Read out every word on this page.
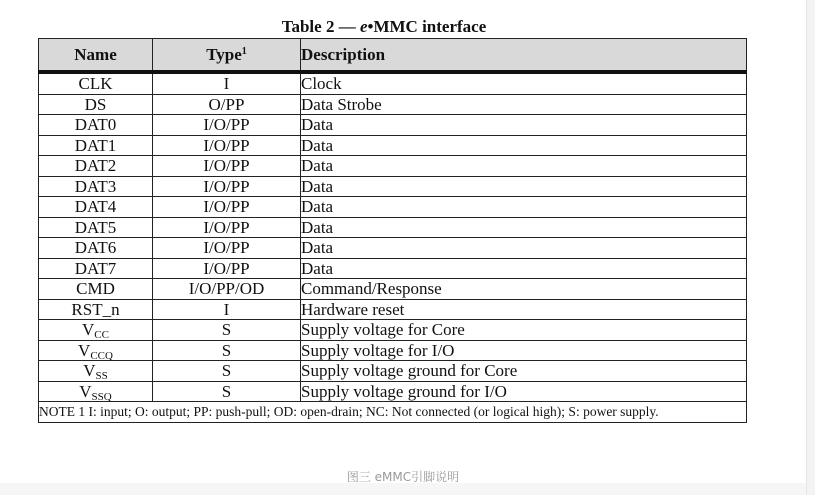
Table 2 — e•MMC interface
Name	Type$^1$	Description
CLK	I	Clock
DS	O/PP	Data Strobe
DAT0	I/O/PP	Data
DAT1	I/O/PP	Data
DAT2	I/O/PP	Data
DAT3	I/O/PP	Data
DAT4	I/O/PP	Data
DAT5	I/O/PP	Data
DAT6	I/O/PP	Data
DAT7	I/O/PP	Data
CMD	I/O/PP/OD	Command/Response
RST_n	I	Hardware reset
$V_{CC}$	S	Supply voltage for Core
$V_{CCQ}$	S	Supply voltage for I/O
$V_{SS}$	S	Supply voltage ground for Core
$V_{SSQ}$	S	Supply voltage ground for I/O
NOTE 1 I: input; O: output; PP: push-pull; OD: open-drain; NC: Not connected (or logical high); S: power supply.		
图三 eMMC引脚说明
